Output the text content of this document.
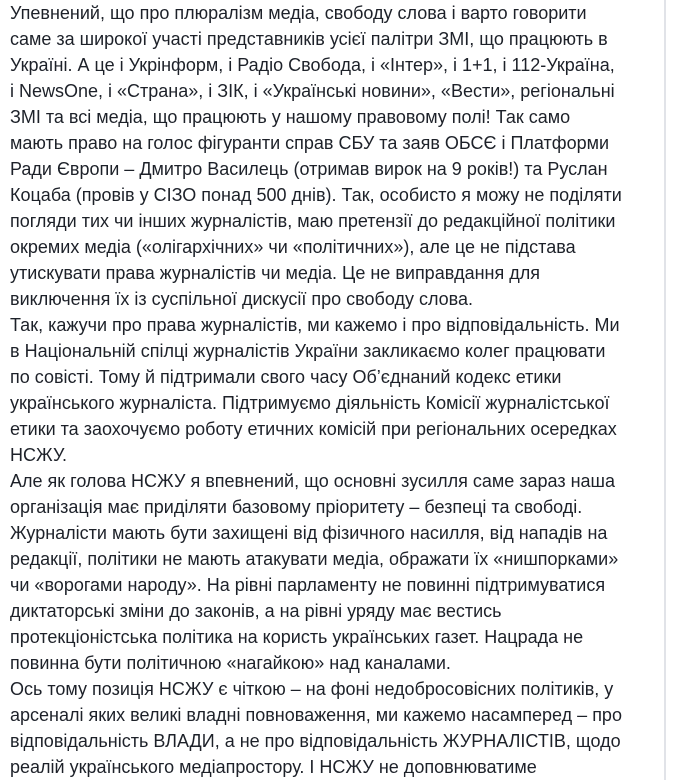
Упевнений, що про плюралізм медіа, свободу слова і варто говорити
саме за широкої участі представників усієї палітри ЗМІ, що працюють в
Україні. А це і Укрінформ, і Радіо Свобода, і «Інтер», і 1+1, і 112-Україна,
і NewsOne, і «Страна», і ЗІК, і «Українські новини», «Вести», регіональні
ЗМІ та всі медіа, що працюють у нашому правовому полі! Так само
мають право на голос фігуранти справ СБУ та заяв ОБСЄ і Платформи
Ради Європи – Дмитро Василець (отримав вирок на 9 років!) та Руслан
Коцаба (провів у СІЗО понад 500 днів). Так, особисто я можу не поділяти
погляди тих чи інших журналістів, маю претензії до редакційної політики
окремих медіа («олігархічних» чи «політичних»), але це не підстава
утискувати права журналістів чи медіа. Це не виправдання для
виключення їх із суспільної дискусії про свободу слова.
Так, кажучи про права журналістів, ми кажемо і про відповідальність. Ми
в Національній спілці журналістів України закликаємо колег працювати
по совісті. Тому й підтримали свого часу Об’єднаний кодекс етики
українського журналіста. Підтримуємо діяльність Комісії журналістської
етики та заохочуємо роботу етичних комісій при регіональних осередках
НСЖУ.
Але як голова НСЖУ я впевнений, що основні зусилля саме зараз наша
організація має приділяти базовому пріоритету – безпеці та свободі.
Журналісти мають бути захищені від фізичного насилля, від нападів на
редакції, політики не мають атакувати медіа, ображати їх «нишпорками»
чи «ворогами народу». На рівні парламенту не повинні підтримуватися
диктаторські зміни до законів, а на рівні уряду має вестись
протекціоністська політика на користь українських газет. Нацрада не
повинна бути політичною «нагайкою» над каналами.
Ось тому позиція НСЖУ є чіткою – на фоні недобросовісних політиків, у
арсеналі яких великі владні повноваження, ми кажемо насамперед – про
відповідальність ВЛАДИ, а не про відповідальність ЖУРНАЛІСТІВ, щодо
реалій українського медіапростору. І НСЖУ не доповнюватиме
